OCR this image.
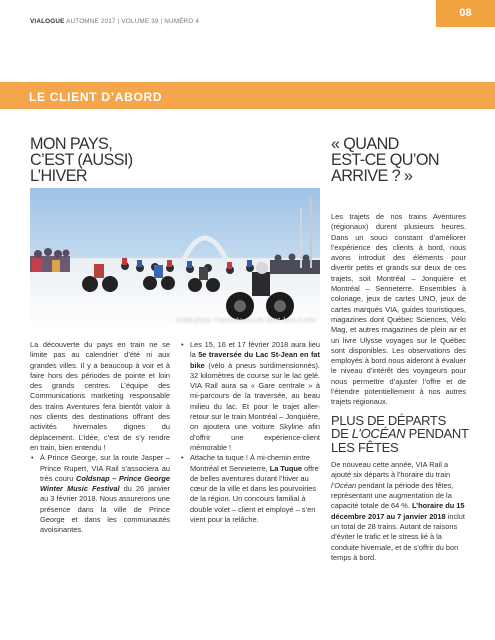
VIALOGUE AUTOMNE 2017 | VOLUME 39 | NUMÉRO 4
08
LE CLIENT D’ABORD
MON PAYS,
C’EST (AUSSI)
L’HIVER
« QUAND
EST-CE QU’ON
ARRIVE ? »
Crédit photo: Traversée du Lac Saint-Jean à vélo

La découverte du pays en train ne se limite pas au calendrier d’été ni aux grandes villes. Il y a beaucoup à voir et à faire hors des périodes de pointe et loin des grands centres. L’équipe des Communications marketing responsable des trains Aventures fera bientôt valoir à nos clients des destinations offrant des activités hivernales dignes du déplacement. L’idée, c’est de s’y rendre en train, bien entendu !

• À Prince George, sur la route Jasper – Prince Rupert, VIA Rail s’associera au très couru Coldsnap – Prince George Winter Music Festival du 26 janvier au 3 février 2018. Nous assurerons une présence dans la ville de Prince George et dans les communautés avoisinantes.

• Les 15, 16 et 17 février 2018 aura lieu la 5e traversée du Lac St-Jean en fat bike (vélo à pneus surdimensionnés). 32 kilomètres de course sur le lac gelé. VIA Rail aura sa « Gare centrale » à mi-parcours de la traversée, au beau milieu du lac. Et pour le trajet aller-retour sur le train Montréal – Jonquière, on ajoutera une voiture Skyline afin d’offrir une expérience-client mémorable !

• Attache ta tuque ! À mi-chemin entre Montréal et Senneterre, La Tuque offre de belles aventures durant l’hiver au cœur de la ville et dans les pourvoiries de la région. Un concours familial à double volet – client et employé – s’en vient pour la relâche.

Les trajets de nos trains Aventures (régionaux) durent plusieurs heures. Dans un souci constant d’améliorer l’expérience des clients à bord, nous avons introduit des éléments pour divertir petits et grands sur deux de ces trajets, soit Montréal – Jonquière et Montréal – Senneterre. Ensembles à coloriage, jeux de cartes UNO, jeux de cartes marqués VIA, guides touristiques, magazines dont Québec Sciences, Vélo Mag, et autres magazines de plein air et un livre Ulysse voyages sur le Québec sont disponibles. Les observations des employés à bord nous aideront à évaluer le niveau d’intérêt des voyageurs pour nous permettre d’ajuster l’offre et de l’étendre potentiellement à nos autres trajets régionaux.

PLUS DE DÉPARTS
DE L’OCÉAN PENDANT
LES FÊTES

De nouveau cette année, VIA Rail a ajouté six départs à l’horaire du train l’Océan pendant la période des fêtes, représentant une augmentation de la capacité totale de 64 %. L’horaire du 15 décembre 2017 au 7 janvier 2018 inclut un total de 28 trains. Autant de raisons d’éviter le trafic et le stress lié à la conduite hivernale, et de s’offrir du bon temps à bord.
